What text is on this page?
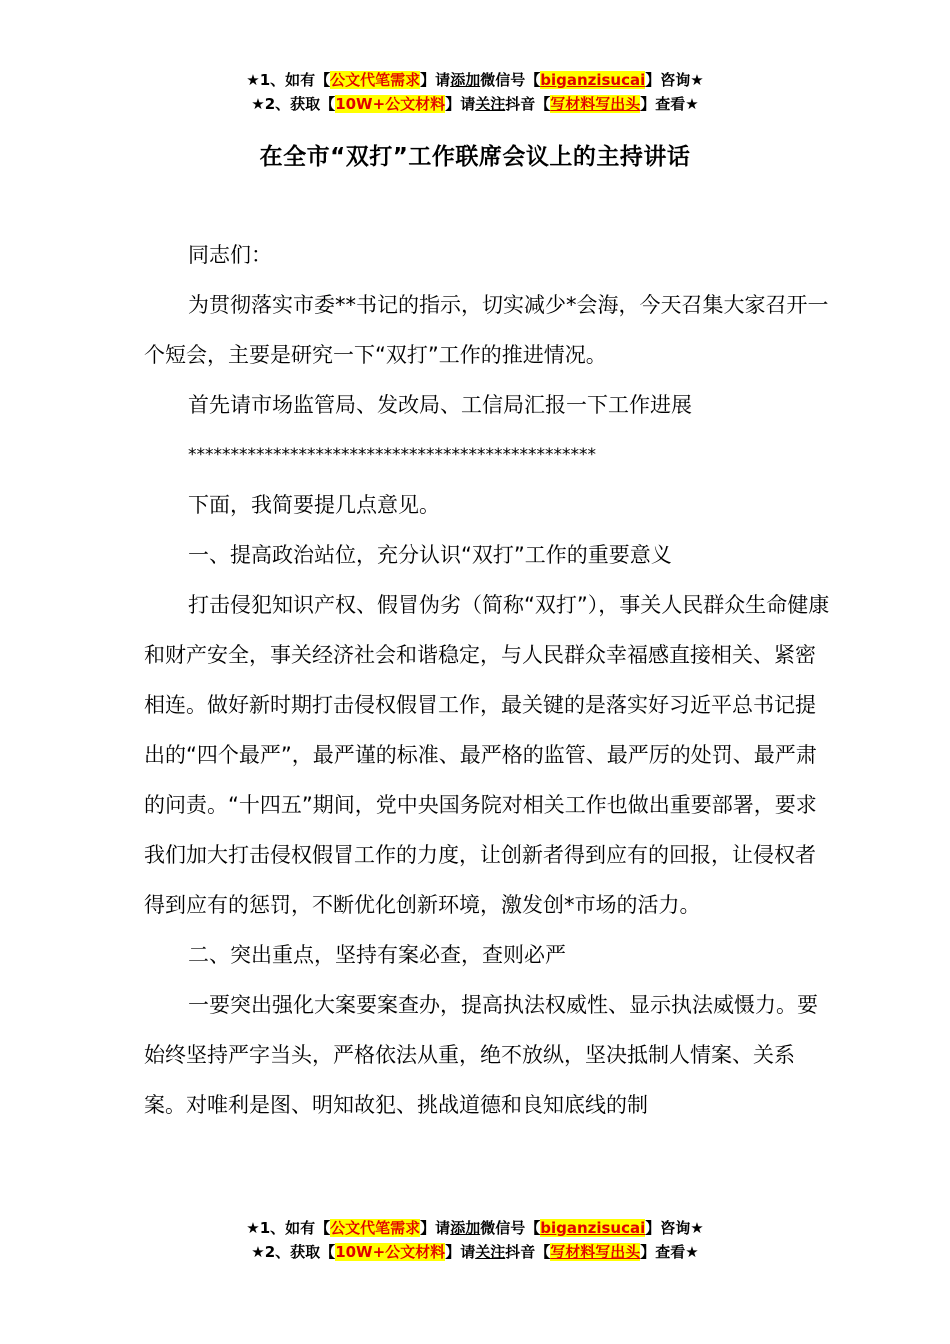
★1、如有【公文代笔需求】请添加微信号【biganzisucai】咨询★
★2、获取【10W+公文材料】请关注抖音【写材料写出头】查看★
在全市“双打”工作联席会议上的主持讲话

同志们：

为贯彻落实市委**书记的指示，切实减少*会海，今天召集大家召开一个短会，主要是研究一下“双打”工作的推进情况。

首先请市场监管局、发改局、工信局汇报一下工作进展

************************************************

下面，我简要提几点意见。

一、提高政治站位，充分认识“双打”工作的重要意义

打击侵犯知识产权、假冒伪劣（简称“双打”），事关人民群众生命健康和财产安全，事关经济社会和谐稳定，与人民群众幸福感直接相关、紧密相连。做好新时期打击侵权假冒工作，最关键的是落实好习近平总书记提出的“四个最严”，最严谨的标准、最严格的监管、最严厉的处罚、最严肃的问责。“十四五”期间，党中央国务院对相关工作也做出重要部署，要求我们加大打击侵权假冒工作的力度，让创新者得到应有的回报，让侵权者得到应有的惩罚，不断优化创新环境，激发创*市场的活力。

二、突出重点，坚持有案必查，查则必严

一要突出强化大案要案查办，提高执法权威性、显示执法威慑力。要始终坚持严字当头，严格依法从重，绝不放纵，坚决抵制人情案、关系案。对唯利是图、明知故犯、挑战道德和良知底线的制

★1、如有【公文代笔需求】请添加微信号【biganzisucai】咨询★
★2、获取【10W+公文材料】请关注抖音【写材料写出头】查看★
